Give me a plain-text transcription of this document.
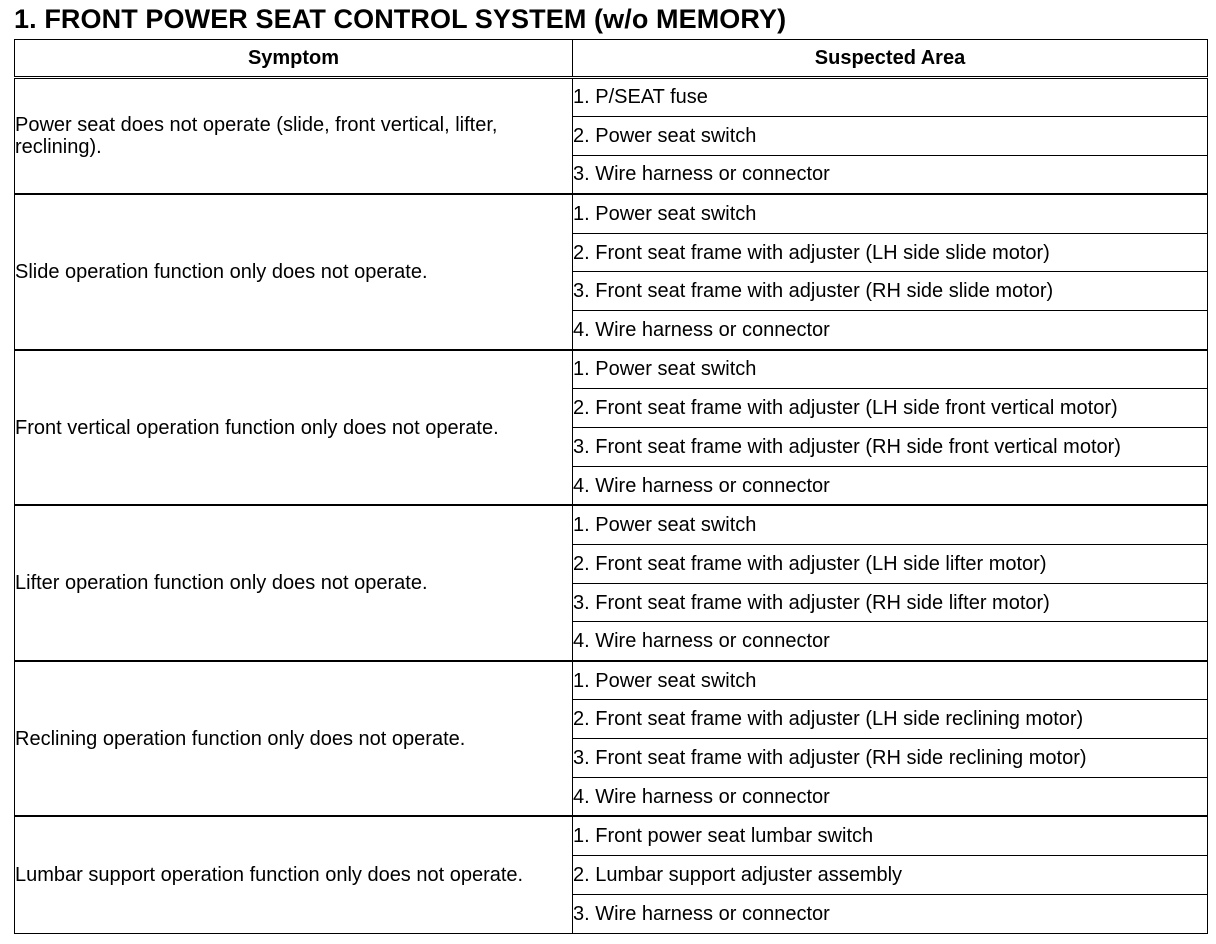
1. FRONT POWER SEAT CONTROL SYSTEM (w/o MEMORY)
Symptom	Suspected Area
Power seat does not operate (slide, front vertical, lifter, reclining).	1. P/SEAT fuse
	2. Power seat switch
	3. Wire harness or connector
Slide operation function only does not operate.	1. Power seat switch
	2. Front seat frame with adjuster (LH side slide motor)
	3. Front seat frame with adjuster (RH side slide motor)
	4. Wire harness or connector
Front vertical operation function only does not operate.	1. Power seat switch
	2. Front seat frame with adjuster (LH side front vertical motor)
	3. Front seat frame with adjuster (RH side front vertical motor)
	4. Wire harness or connector
Lifter operation function only does not operate.	1. Power seat switch
	2. Front seat frame with adjuster (LH side lifter motor)
	3. Front seat frame with adjuster (RH side lifter motor)
	4. Wire harness or connector
Reclining operation function only does not operate.	1. Power seat switch
	2. Front seat frame with adjuster (LH side reclining motor)
	3. Front seat frame with adjuster (RH side reclining motor)
	4. Wire harness or connector
Lumbar support operation function only does not operate.	1. Front power seat lumbar switch
	2. Lumbar support adjuster assembly
	3. Wire harness or connector
